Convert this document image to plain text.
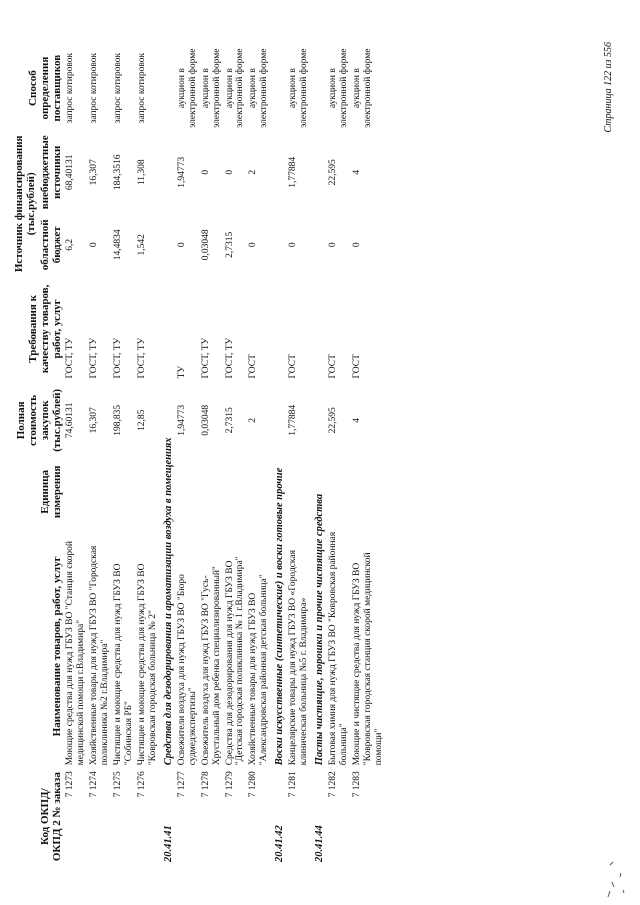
Код ОКПД/ ОКПД 2 № заказа	Наименование товаров, работ, услуг	Единица измерения	Полная стоимость закупок (тыс.рублей)	Требования к качеству товаров, работ, услуг	Источник финансирования (тыс.рублей)		Способ определения поставщиков
					областной бюджет	внебюджетные источники	
7 1273	Моющие средства для нужд ГБУЗ ВО "Станция скорой медицинской помощи г.Владимира"		74,60131	ГОСТ, ТУ	6,2	68,40131	запрос котировок
7 1274	Хозяйственные товары для нужд ГБУЗ ВО "Городская поликлиника №2 г.Владимира"		16,307	ГОСТ, ТУ	0	16,307	запрос котировок
7 1275	Чистящие и моющие средства для нужд ГБУЗ ВО "Собинская РБ"		198,835	ГОСТ, ТУ	14,4834	184,3516	запрос котировок
7 1276	Чистящие и моющие средства для нужд ГБУЗ ВО "Ковровская городская больница № 2"		12,85	ГОСТ, ТУ	1,542	11,308	запрос котировок
20.41.41	Средства для дезодорирования и ароматизации воздуха в помещениях						
7 1277	Освежители воздуха для нужд ГБУЗ ВО "Бюро судмедэкспертизы"		1,94773	ТУ	0	1,94773	аукцион в электронной форме
7 1278	Освежитель воздуха для нужд ГБУЗ ВО "Гусь-Хрустальный дом ребенка специализированный"		0,03048	ГОСТ, ТУ	0,03048	0	аукцион в электронной форме
7 1279	Средства для дезодорирования для нужд ГБУЗ ВО "Детская городская поликлиника № 1 г.Владимира"		2,7315	ГОСТ, ТУ	2,7315	0	аукцион в электронной форме
7 1280	Хозяйственные товары для нужд ГБУЗ ВО "Александровская районная детская больница"		2	ГОСТ	0	2	аукцион в электронной форме
20.41.42	Воски искусственные (синтетические) и воски готовые прочие						
7 1281	Канцелярские товары для нужд ГБУЗ ВО «Городская клиническая больница №5 г. Владимира»		1,77884	ГОСТ	0	1,77884	аукцион в электронной форме
20.41.44	Пасты чистящие, порошки и прочие чистящие средства						
7 1282	Бытовая химия для нужд ГБУЗ ВО "Ковровская районная больница"		22,595	ГОСТ	0	22,595	аукцион в электронной форме
7 1283	Моющие и чистящие средства для нужд ГБУЗ ВО "Ковровская городская станция скорой медицинской помощи"		4	ГОСТ	0	4	аукцион в электронной форме	Страница 122 из 556
